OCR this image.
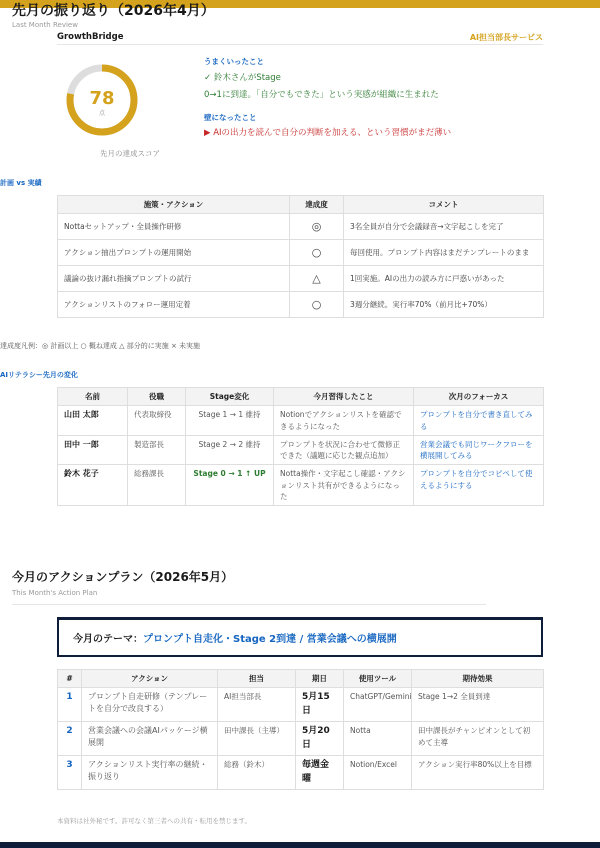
先月の振り返り（2026年4月）
Last Month Review
GrowthBridge	AI担当部長サービス
78
点
先月の達成スコア
うまくいったこと
✓ 鈴木さんがStage
0→1に到達。「自分でもできた」という実感が組織に生まれた
壁になったこと
▶ AIの出力を読んで自分の判断を加える、という習慣がまだ薄い
計画 vs 実績
施策・アクション	達成度	コメント
Nottaセットアップ・全員操作研修	◎	3名全員が自分で会議録音→文字起こしを完了
アクション抽出プロンプトの運用開始	○	毎回使用。プロンプト内容はまだテンプレートのまま
議論の抜け漏れ指摘プロンプトの試行	△	1回実施。AIの出力の読み方に戸惑いがあった
アクションリストのフォロー運用定着	○	3週分継続。実行率70%（前月比+70%）
達成度凡例：◎ 計画以上 ○ 概ね達成 △ 部分的に実施 × 未実施
AIリテラシー先月の変化
名前	役職	Stage変化	今月習得したこと	次月のフォーカス
山田 太郎	代表取締役	Stage 1 → 1 維持	Notionでアクションリストを確認できるようになった	プロンプトを自分で書き直してみる
田中 一郎	製造部長	Stage 2 → 2 維持	プロンプトを状況に合わせて微修正できた（議題に応じた観点追加）	営業会議でも同じワークフローを横展開してみる
鈴木 花子	総務課長	Stage 0 → 1 ↑ UP	Notta操作・文字起こし確認・アクションリスト共有ができるようになった	プロンプトを自分でコピペして使えるようにする
今月のアクションプラン（2026年5月）
This Month's Action Plan
今月のテーマ：プロンプト自走化・Stage 2到達 / 営業会議への横展開
#	アクション	担当	期日	使用ツール	期待効果
1	プロンプト自走研修（テンプレートを自分で改良する）	AI担当部長	5月15日	ChatGPT/Gemini	Stage 1→2 全員到達
2	営業会議への会議AIパッケージ横展開	田中課長（主導）	5月20日	Notta	田中課長がチャンピオンとして初めて主導
3	アクションリスト実行率の継続・振り返り	総務（鈴木）	毎週金曜	Notion/Excel	アクション実行率80%以上を目標
本資料は社外秘です。許可なく第三者への共有・転用を禁じます。
